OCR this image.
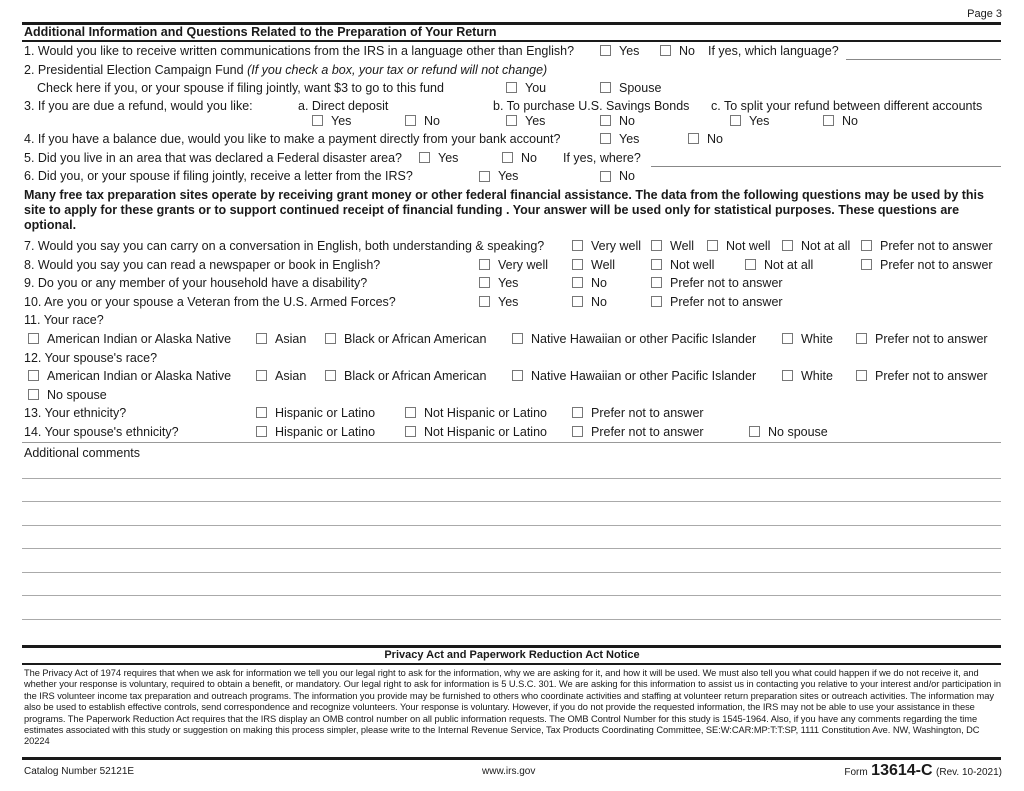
Page 3
Additional Information and Questions Related to the Preparation of Your Return
1. Would you like to receive written communications from the IRS in a language other than English?	Yes	No If yes, which language?
2. Presidential Election Campaign Fund (If you check a box, your tax or refund will not change)
Check here if you, or your spouse if filing jointly, want $3 to go to this fund	You	Spouse
3. If you are due a refund, would you like:	a. Direct deposit	b. To purchase U.S. Savings Bonds c. To split your refund between different accounts
Yes	No	Yes	No	Yes	No
4. If you have a balance due, would you like to make a payment directly from your bank account?	Yes	No
5. Did you live in an area that was declared a Federal disaster area?	Yes	No If yes, where?
6. Did you, or your spouse if filing jointly, receive a letter from the IRS?	Yes	No
Many free tax preparation sites operate by receiving grant money or other federal financial assistance. The data from the following questions may be used by this site to apply for these grants or to support continued receipt of financial funding . Your answer will be used only for statistical purposes. These questions are optional.
7. Would you say you can carry on a conversation in English, both understanding & speaking?	Very well Well	Not well Not at all Prefer not to answer
8. Would you say you can read a newspaper or book in English?	Very well	Well	Not well	Not at all	Prefer not to answer
9. Do you or any member of your household have a disability?	Yes	No	Prefer not to answer
10. Are you or your spouse a Veteran from the U.S. Armed Forces?	Yes	No	Prefer not to answer
11. Your race?
American Indian or Alaska Native	Asian	Black or African American	Native Hawaiian or other Pacific Islander	White	Prefer not to answer
12. Your spouse's race?
American Indian or Alaska Native	Asian	Black or African American	Native Hawaiian or other Pacific Islander	White	Prefer not to answer
No spouse
13. Your ethnicity?	Hispanic or Latino	Not Hispanic or Latino	Prefer not to answer
14. Your spouse's ethnicity?	Hispanic or Latino	Not Hispanic or Latino	Prefer not to answer	No spouse
Additional comments
Privacy Act and Paperwork Reduction Act Notice
The Privacy Act of 1974 requires that when we ask for information we tell you our legal right to ask for the information, why we are asking for it, and how it will be used. We must also tell you what could happen if we do not receive it, and whether your response is voluntary, required to obtain a benefit, or mandatory. Our legal right to ask for information is 5 U.S.C. 301. We are asking for this information to assist us in contacting you relative to your interest and/or participation in the IRS volunteer income tax preparation and outreach programs. The information you provide may be furnished to others who coordinate activities and staffing at volunteer return preparation sites or outreach activities. The information may also be used to establish effective controls, send correspondence and recognize volunteers. Your response is voluntary. However, if you do not provide the requested information, the IRS may not be able to use your assistance in these programs. The Paperwork Reduction Act requires that the IRS display an OMB control number on all public information requests. The OMB Control Number for this study is 1545-1964. Also, if you have any comments regarding the time estimates associated with this study or suggestion on making this process simpler, please write to the Internal Revenue Service, Tax Products Coordinating Committee, SE:W:CAR:MP:T:T:SP, 1111 Constitution Ave. NW, Washington, DC 20224
Catalog Number 52121E	www.irs.gov	Form 13614-C (Rev. 10-2021)
